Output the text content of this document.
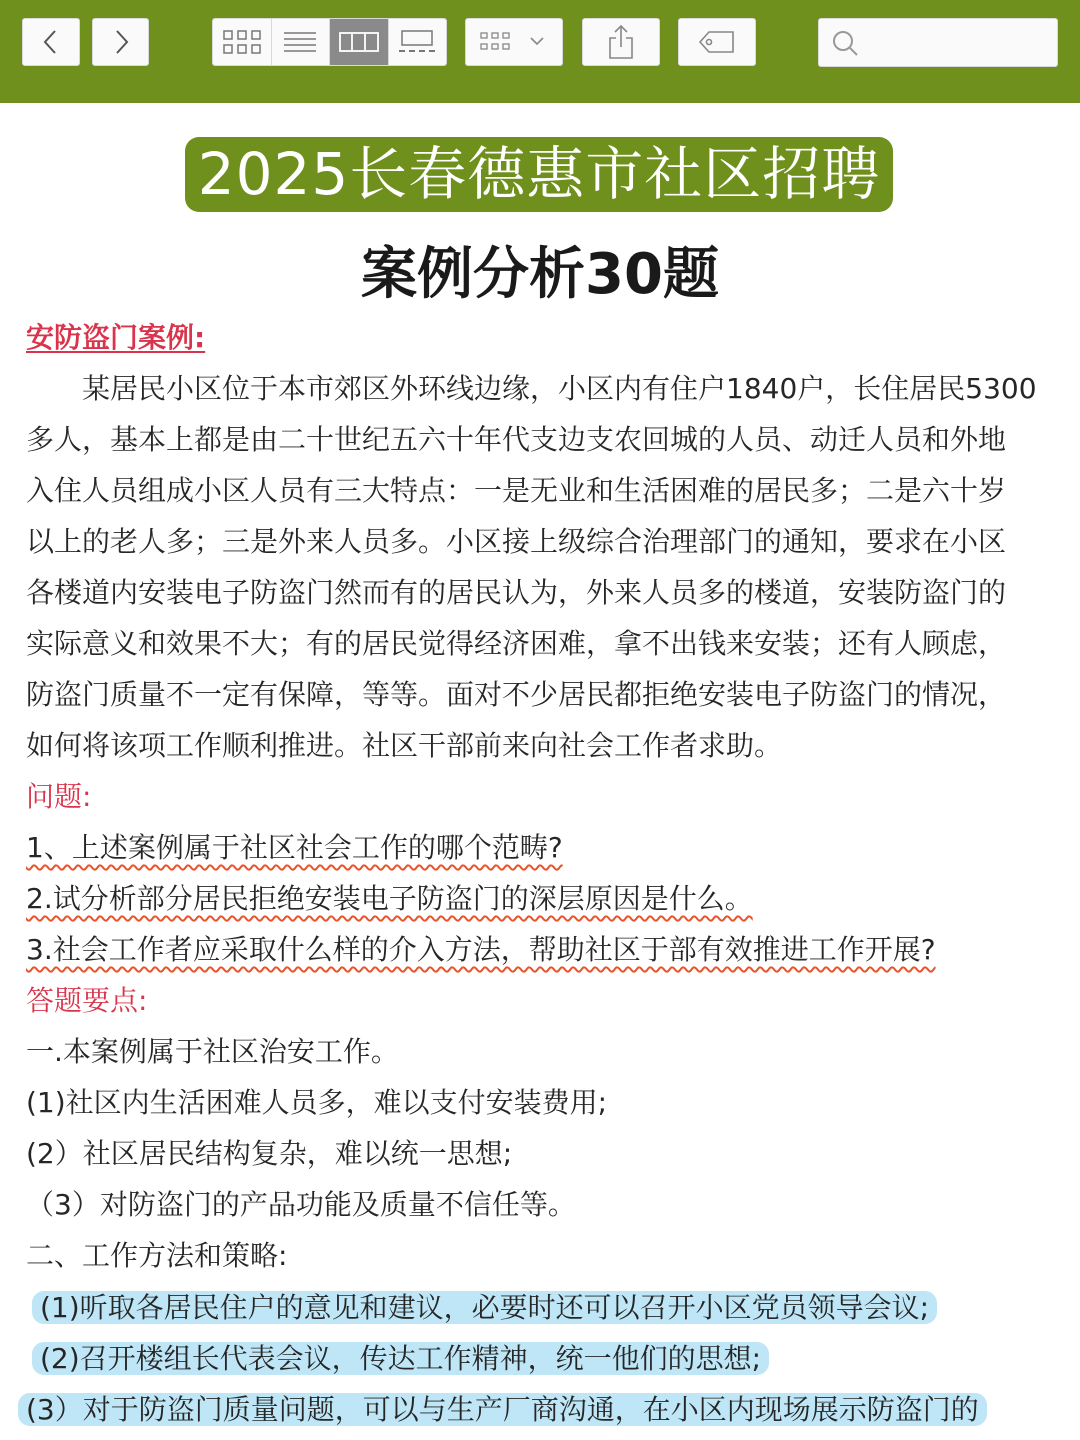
2025长春德惠市社区招聘
案例分析30题
安防盗门案例:
　　某居民小区位于本市郊区外环线边缘，小区内有住户1840户，长住居民5300
多人，基本上都是由二十世纪五六十年代支边支农回城的人员、动迁人员和外地
入住人员组成小区人员有三大特点：一是无业和生活困难的居民多；二是六十岁
以上的老人多；三是外来人员多。小区接上级综合治理部门的通知，要求在小区
各楼道内安装电子防盗门然而有的居民认为，外来人员多的楼道，安装防盗门的
实际意义和效果不大；有的居民觉得经济困难，拿不出钱来安装；还有人顾虑，
防盗门质量不一定有保障，等等。面对不少居民都拒绝安装电子防盗门的情况，
如何将该项工作顺利推进。社区干部前来向社会工作者求助。
问题:
1、上述案例属于社区社会工作的哪个范畴?
2.试分析部分居民拒绝安装电子防盗门的深层原因是什么。
3.社会工作者应采取什么样的介入方法，帮助社区于部有效推进工作开展?
答题要点:
一.本案例属于社区治安工作。
(1)社区内生活困难人员多，难以支付安装费用;
(2）社区居民结构复杂，难以统一思想;
（3）对防盗门的产品功能及质量不信任等。
二、工作方法和策略:
(1)听取各居民住户的意见和建议，必要时还可以召开小区党员领导会议;
(2)召开楼组长代表会议，传达工作精神，统一他们的思想;
(3）对于防盗门质量问题，可以与生产厂商沟通，在小区内现场展示防盗门的
